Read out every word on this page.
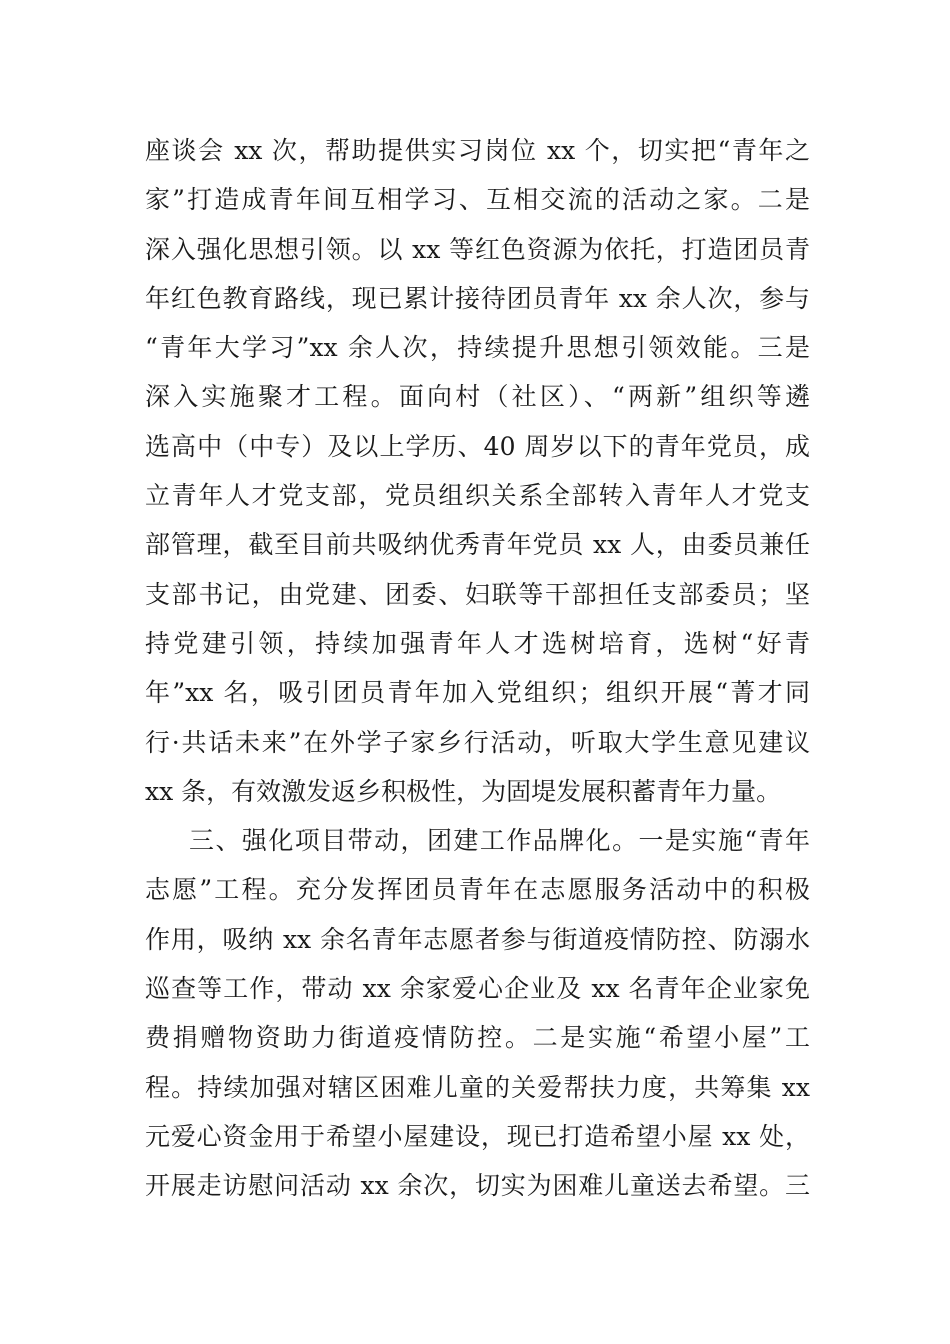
座谈会 xx 次，帮助提供实习岗位 xx 个，切实把“青年之
家”打造成青年间互相学习、互相交流的活动之家。二是
深入强化思想引领。以 xx 等红色资源为依托，打造团员青
年红色教育路线，现已累计接待团员青年 xx 余人次，参与
“青年大学习”xx 余人次，持续提升思想引领效能。三是
深入实施聚才工程。面向村（社区）、“两新”组织等遴
选高中（中专）及以上学历、40 周岁以下的青年党员，成
立青年人才党支部，党员组织关系全部转入青年人才党支
部管理，截至目前共吸纳优秀青年党员 xx 人，由委员兼任
支部书记，由党建、团委、妇联等干部担任支部委员；坚
持党建引领，持续加强青年人才选树培育，选树“好青
年”xx 名，吸引团员青年加入党组织；组织开展“菁才同
行·共话未来”在外学子家乡行活动，听取大学生意见建议
xx 条，有效激发返乡积极性，为固堤发展积蓄青年力量。
三、强化项目带动，团建工作品牌化。一是实施“青年
志愿”工程。充分发挥团员青年在志愿服务活动中的积极
作用，吸纳 xx 余名青年志愿者参与街道疫情防控、防溺水
巡查等工作，带动 xx 余家爱心企业及 xx 名青年企业家免
费捐赠物资助力街道疫情防控。二是实施“希望小屋”工
程。持续加强对辖区困难儿童的关爱帮扶力度，共筹集 xx
元爱心资金用于希望小屋建设，现已打造希望小屋 xx 处，
开展走访慰问活动 xx 余次，切实为困难儿童送去希望。三
